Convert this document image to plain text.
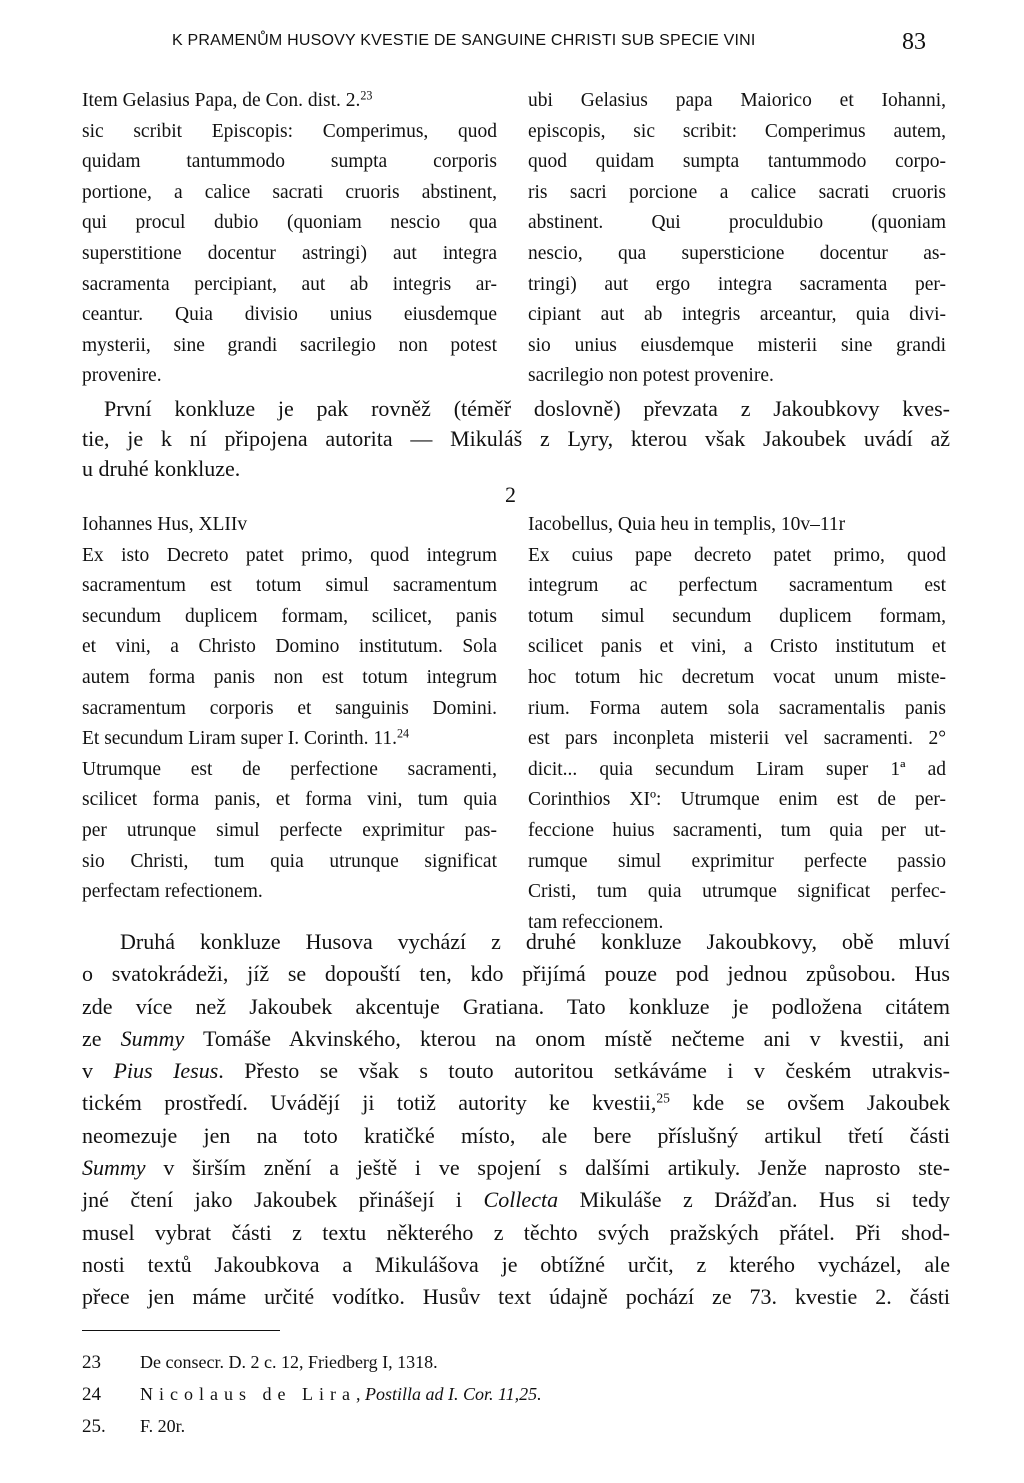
K PRAMENŮM HUSOVY KVESTIE DE SANGUINE CHRISTI SUB SPECIE VINI	83
Item Gelasius Papa, de Con. dist. 2.23
sic scribit Episcopis: Comperimus, quod
quidam tantummodo sumpta corporis
portione, a calice sacrati cruoris abstinent,
qui procul dubio (quoniam nescio qua
superstitione docentur astringi) aut integra
sacramenta percipiant, aut ab integris ar-
ceantur. Quia divisio unius eiusdemque
mysterii, sine grandi sacrilegio non potest
provenire.
ubi Gelasius papa Maiorico et Iohanni,
episcopis, sic scribit: Comperimus autem,
quod quidam sumpta tantummodo corpo-
ris sacri porcione a calice sacrati cruoris
abstinent. Qui proculdubio (quoniam
nescio, qua supersticione docentur as-
tringi) aut ergo integra sacramenta per-
cipiant aut ab integris arceantur, quia divi-
sio unius eiusdemque misterii sine grandi
sacrilegio non potest provenire.
První konkluze je pak rovněž (téměř doslovně) převzata z Jakoubkovy kves-
tie, je k ní připojena autorita — Mikuláš z Lyry, kterou však Jakoubek uvádí až
u druhé konkluze.
2
Iohannes Hus, XLIIv
Ex isto Decreto patet primo, quod integrum
sacramentum est totum simul sacramentum
secundum duplicem formam, scilicet, panis
et vini, a Christo Domino institutum. Sola
autem forma panis non est totum integrum
sacramentum corporis et sanguinis Domini.
Et secundum Liram super I. Corinth. 11.24
Utrumque est de perfectione sacramenti,
scilicet forma panis, et forma vini, tum quia
per utrunque simul perfecte exprimitur pas-
sio Christi, tum quia utrunque significat
perfectam refectionem.
Iacobellus, Quia heu in templis, 10v–11r
Ex cuius pape decreto patet primo, quod
integrum ac perfectum sacramentum est
totum simul secundum duplicem formam,
scilicet panis et vini, a Cristo institutum et
hoc totum hic decretum vocat unum miste-
rium. Forma autem sola sacramentalis panis
est pars inconpleta misterii vel sacramenti. 2°
dicit... quia secundum Liram super 1ª ad
Corinthios XIº: Utrumque enim est de per-
feccione huius sacramenti, tum quia per ut-
rumque simul exprimitur perfecte passio
Cristi, tum quia utrumque significat perfec-
tam refeccionem.
Druhá konkluze Husova vychází z druhé konkluze Jakoubkovy, obě mluví
o svatokrádeži, jíž se dopouští ten, kdo přijímá pouze pod jednou způsobou. Hus
zde více než Jakoubek akcentuje Gratiana. Tato konkluze je podložena citátem
ze Summy Tomáše Akvinského, kterou na onom místě nečteme ani v kvestii, ani
v Pius Iesus. Přesto se však s touto autoritou setkáváme i v českém utrakvis-
tickém prostředí. Uvádějí ji totiž autority ke kvestii,$^{25}$ kde se ovšem Jakoubek
neomezuje jen na toto kratičké místo, ale bere příslušný artikul třetí části
Summy v širším znění a ještě i ve spojení s dalšími artikuly. Jenže naprosto ste-
jné čtení jako Jakoubek přinášejí i Collecta Mikuláše z Drážďan. Hus si tedy
musel vybrat části z textu některého z těchto svých pražských přátel. Při shod-
nosti textů Jakoubkova a Mikulášova je obtížné určit, z kterého vycházel, ale
přece jen máme určité vodítko. Husův text údajně pochází ze 73. kvestie 2. části
23 De consecr. D. 2 c. 12, Friedberg I, 1318.
24 Nicolaus de Lira, Postilla ad I. Cor. 11,25.
25. F. 20r.
